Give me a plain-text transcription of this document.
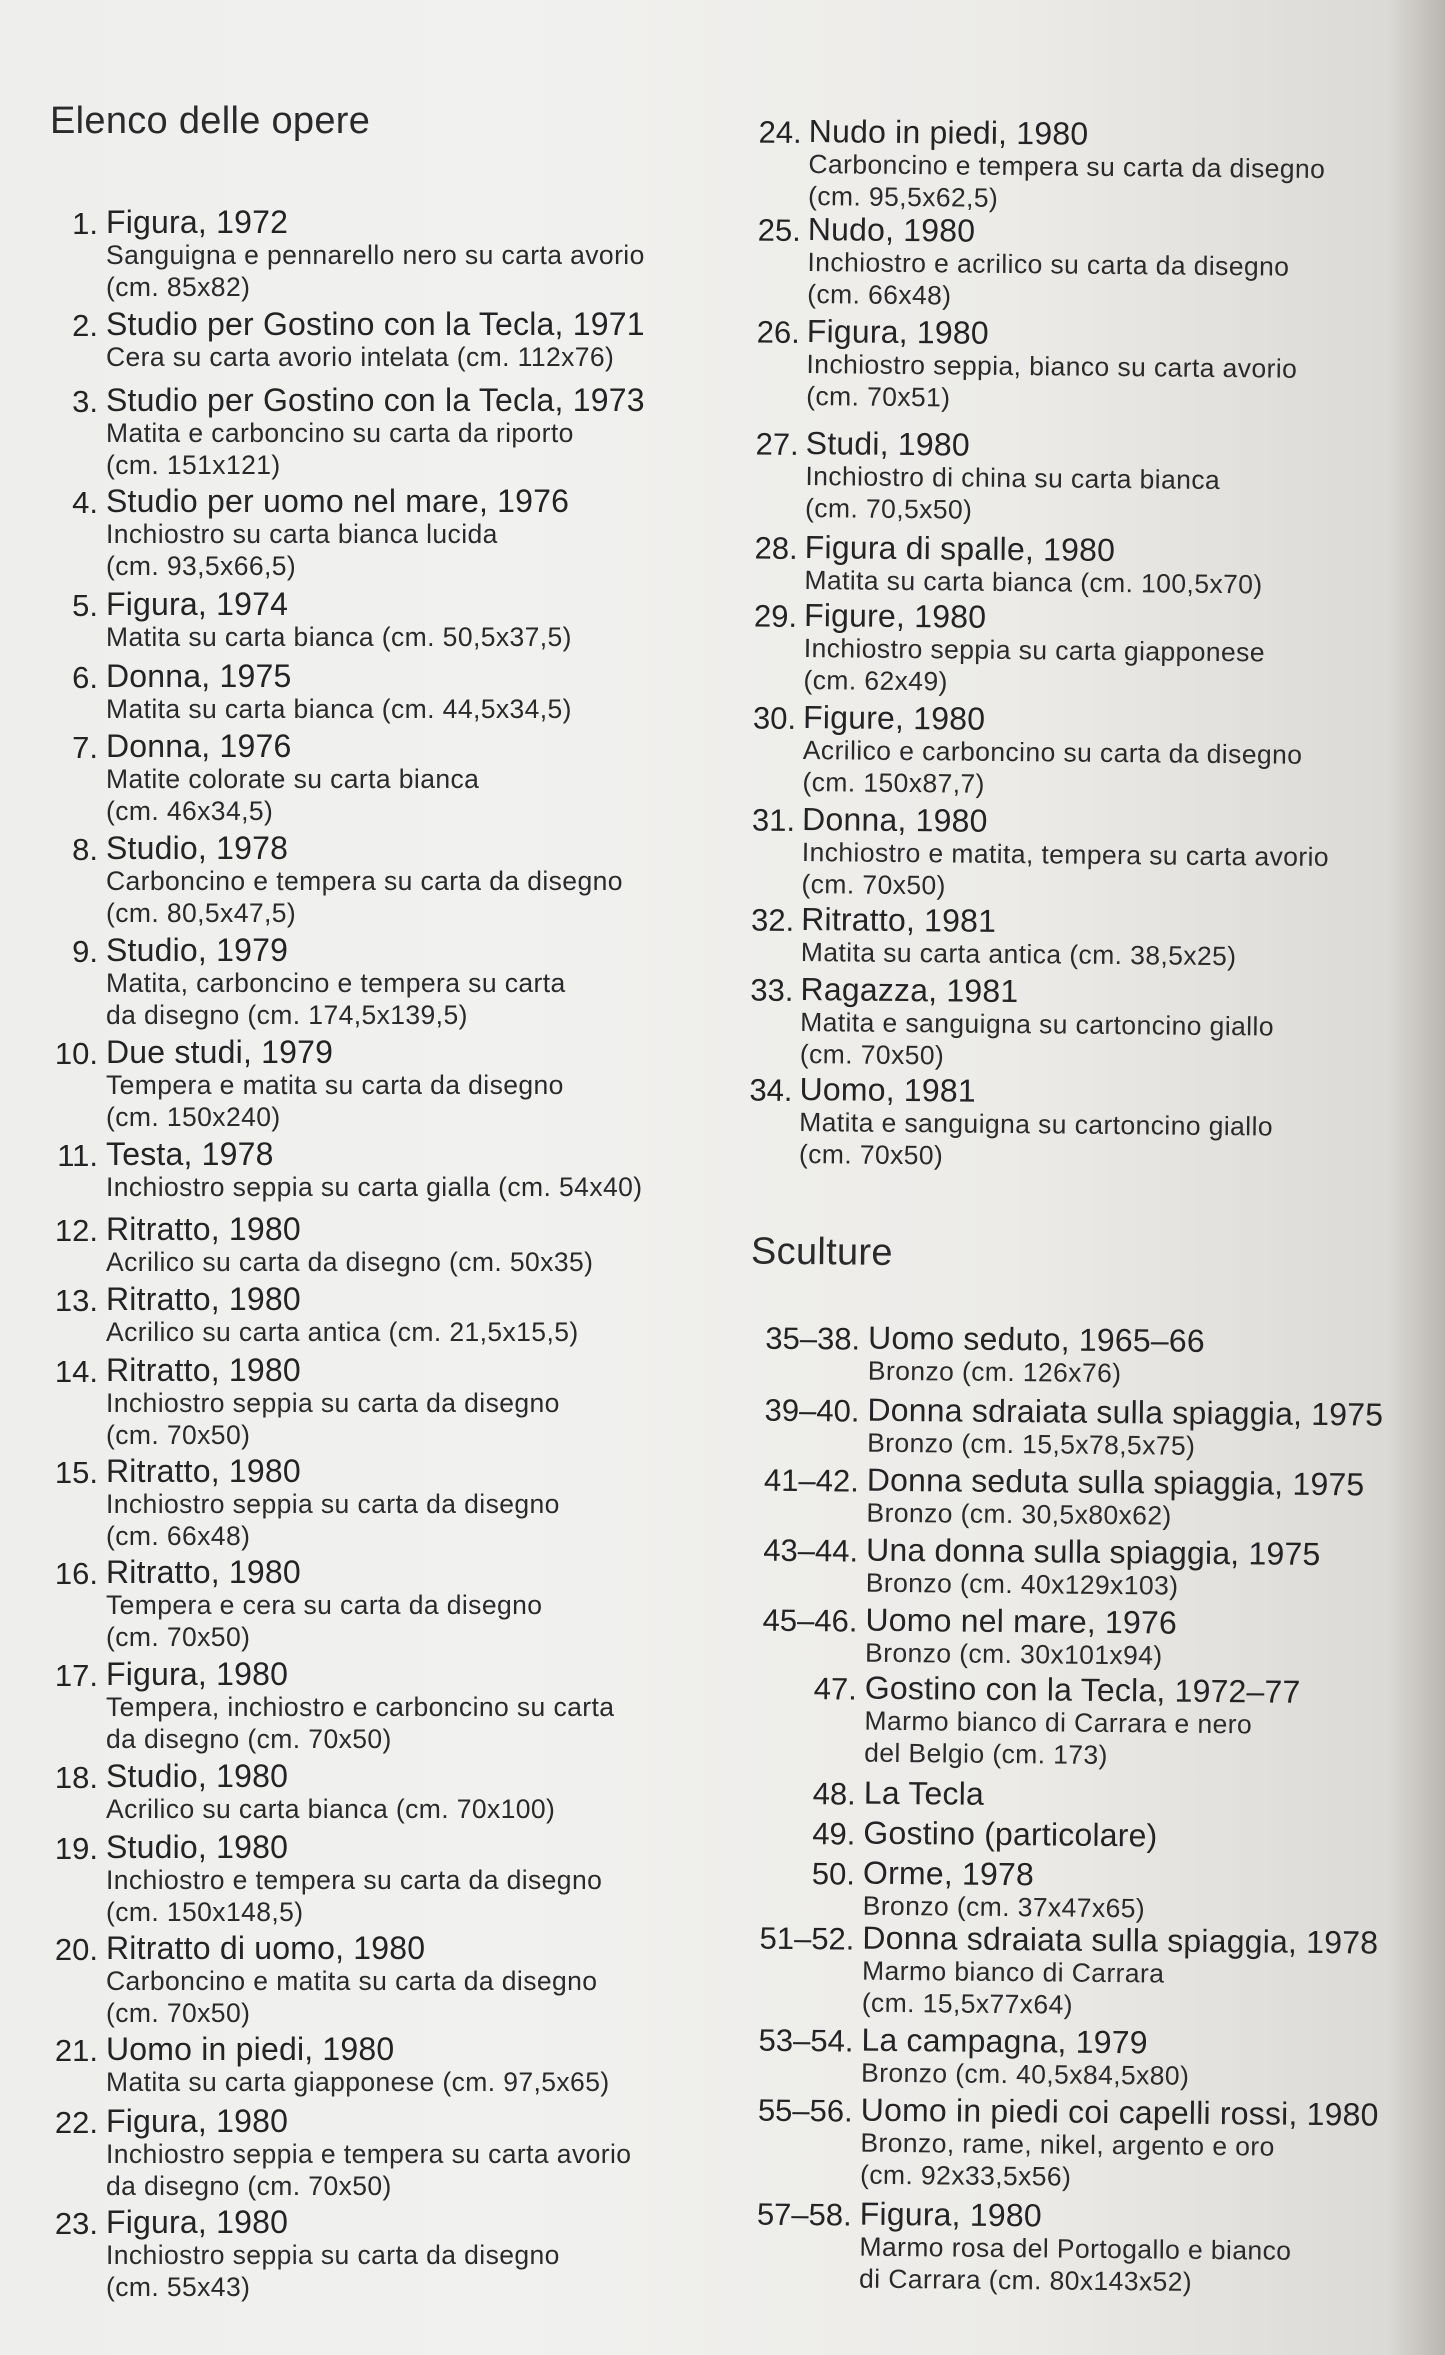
Elenco delle opere
1. Figura, 1972
Sanguigna e pennarello nero su carta avorio
(cm. 85x82)
2. Studio per Gostino con la Tecla, 1971
Cera su carta avorio intelata (cm. 112x76)
3. Studio per Gostino con la Tecla, 1973
Matita e carboncino su carta da riporto
(cm. 151x121)
4. Studio per uomo nel mare, 1976
Inchiostro su carta bianca lucida
(cm. 93,5x66,5)
5. Figura, 1974
Matita su carta bianca (cm. 50,5x37,5)
6. Donna, 1975
Matita su carta bianca (cm. 44,5x34,5)
7. Donna, 1976
Matite colorate su carta bianca
(cm. 46x34,5)
8. Studio, 1978
Carboncino e tempera su carta da disegno
(cm. 80,5x47,5)
9. Studio, 1979
Matita, carboncino e tempera su carta
da disegno (cm. 174,5x139,5)
10. Due studi, 1979
Tempera e matita su carta da disegno
(cm. 150x240)
11. Testa, 1978
Inchiostro seppia su carta gialla (cm. 54x40)
12. Ritratto, 1980
Acrilico su carta da disegno (cm. 50x35)
13. Ritratto, 1980
Acrilico su carta antica (cm. 21,5x15,5)
14. Ritratto, 1980
Inchiostro seppia su carta da disegno
(cm. 70x50)
15. Ritratto, 1980
Inchiostro seppia su carta da disegno
(cm. 66x48)
16. Ritratto, 1980
Tempera e cera su carta da disegno
(cm. 70x50)
17. Figura, 1980
Tempera, inchiostro e carboncino su carta
da disegno (cm. 70x50)
18. Studio, 1980
Acrilico su carta bianca (cm. 70x100)
19. Studio, 1980
Inchiostro e tempera su carta da disegno
(cm. 150x148,5)
20. Ritratto di uomo, 1980
Carboncino e matita su carta da disegno
(cm. 70x50)
21. Uomo in piedi, 1980
Matita su carta giapponese (cm. 97,5x65)
22. Figura, 1980
Inchiostro seppia e tempera su carta avorio
da disegno (cm. 70x50)
23. Figura, 1980
Inchiostro seppia su carta da disegno
(cm. 55x43)
24. Nudo in piedi, 1980
Carboncino e tempera su carta da disegno
(cm. 95,5x62,5)
25. Nudo, 1980
Inchiostro e acrilico su carta da disegno
(cm. 66x48)
26. Figura, 1980
Inchiostro seppia, bianco su carta avorio
(cm. 70x51)
27. Studi, 1980
Inchiostro di china su carta bianca
(cm. 70,5x50)
28. Figura di spalle, 1980
Matita su carta bianca (cm. 100,5x70)
29. Figure, 1980
Inchiostro seppia su carta giapponese
(cm. 62x49)
30. Figure, 1980
Acrilico e carboncino su carta da disegno
(cm. 150x87,7)
31. Donna, 1980
Inchiostro e matita, tempera su carta avorio
(cm. 70x50)
32. Ritratto, 1981
Matita su carta antica (cm. 38,5x25)
33. Ragazza, 1981
Matita e sanguigna su cartoncino giallo
(cm. 70x50)
34. Uomo, 1981
Matita e sanguigna su cartoncino giallo
(cm. 70x50)
Sculture
35–38. Uomo seduto, 1965–66
Bronzo (cm. 126x76)
39–40. Donna sdraiata sulla spiaggia, 1975
Bronzo (cm. 15,5x78,5x75)
41–42. Donna seduta sulla spiaggia, 1975
Bronzo (cm. 30,5x80x62)
43–44. Una donna sulla spiaggia, 1975
Bronzo (cm. 40x129x103)
45–46. Uomo nel mare, 1976
Bronzo (cm. 30x101x94)
47. Gostino con la Tecla, 1972–77
Marmo bianco di Carrara e nero
del Belgio (cm. 173)
48. La Tecla
49. Gostino (particolare)
50. Orme, 1978
Bronzo (cm. 37x47x65)
51–52. Donna sdraiata sulla spiaggia, 1978
Marmo bianco di Carrara
(cm. 15,5x77x64)
53–54. La campagna, 1979
Bronzo (cm. 40,5x84,5x80)
55–56. Uomo in piedi coi capelli rossi, 1980
Bronzo, rame, nikel, argento e oro
(cm. 92x33,5x56)
57–58. Figura, 1980
Marmo rosa del Portogallo e bianco
di Carrara (cm. 80x143x52)
